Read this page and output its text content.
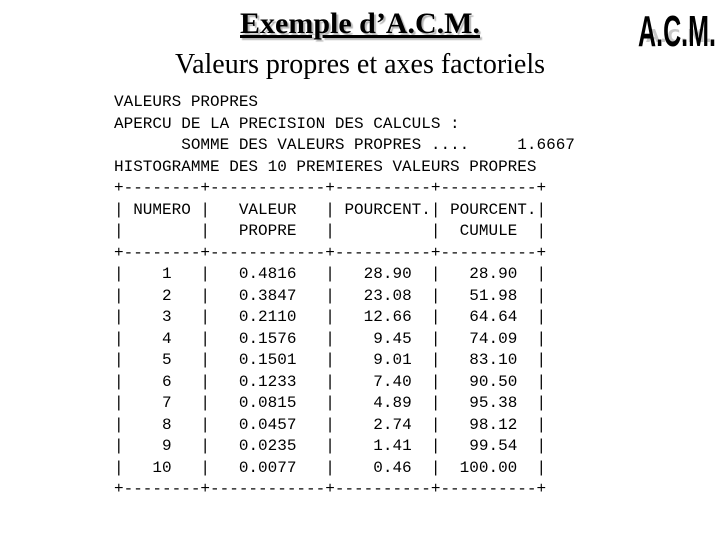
Exemple d’A.C.M.
Valeurs propres et axes factoriels
A.C.M.
A.C.M.
VALEURS PROPRES
APERCU DE LA PRECISION DES CALCULS :
SOMME DES VALEURS PROPRES ....	1.6667
HISTOGRAMME DES 10 PREMIERES VALEURS PROPRES
+--------+------------+----------+----------+
| NUMERO |   VALEUR   | POURCENT.| POURCENT.|
|        |   PROPRE   |          |  CUMULE  |
+--------+------------+----------+----------+
|    1   |   0.4816   |   28.90  |   28.90  |
|    2   |   0.3847   |   23.08  |   51.98  |
|    3   |   0.2110   |   12.66  |   64.64  |
|    4   |   0.1576   |    9.45  |   74.09  |
|    5   |   0.1501   |    9.01  |   83.10  |
|    6   |   0.1233   |    7.40  |   90.50  |
|    7   |   0.0815   |    4.89  |   95.38  |
|    8   |   0.0457   |    2.74  |   98.12  |
|    9   |   0.0235   |    1.41  |   99.54  |
|   10   |   0.0077   |    0.46  |  100.00  |
+--------+------------+----------+----------+
